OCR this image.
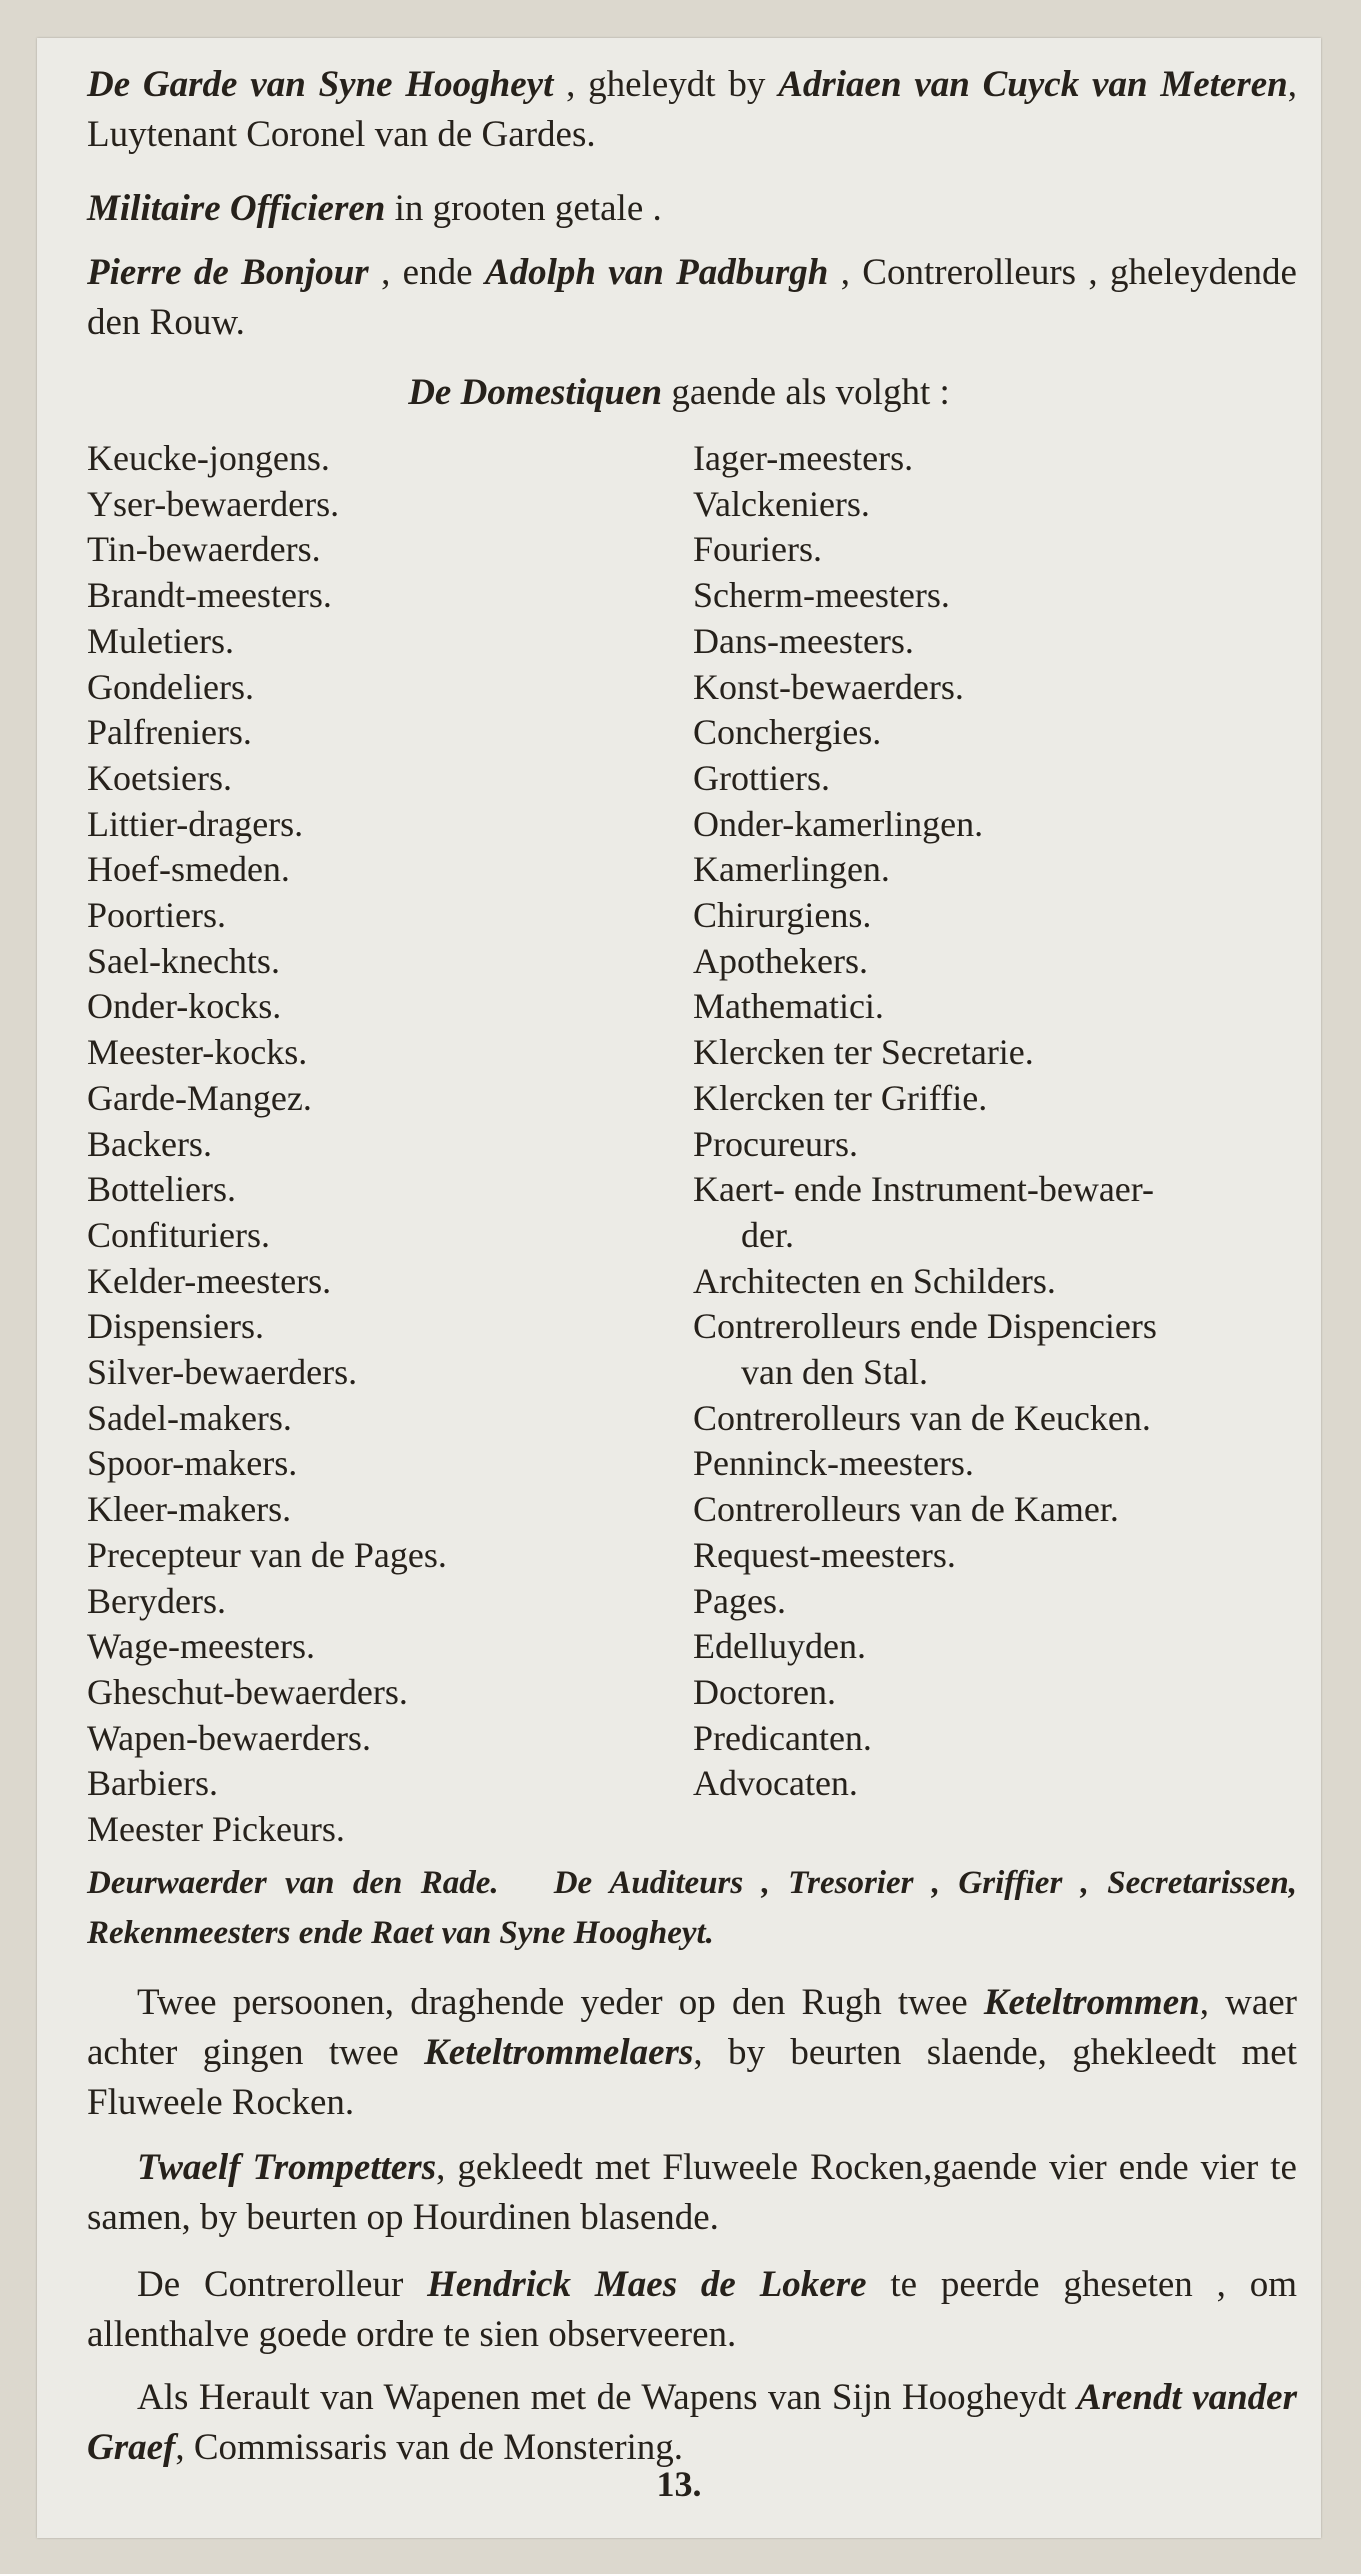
De Garde van Syne Hoogheyt , gheleydt by Adriaen van Cuyck van Meteren, Luytenant Coronel van de Gardes.

Militaire Officieren in grooten getale .

Pierre de Bonjour , ende Adolph van Padburgh , Contrerolleurs , gheleydende den Rouw.

De Domestiquen gaende als volght :

Keucke-jongens.
Yser-bewaerders.
Tin-bewaerders.
Brandt-meesters.
Muletiers.
Gondeliers.
Palfreniers.
Koetsiers.
Littier-dragers.
Hoef-smeden.
Poortiers.
Sael-knechts.
Onder-kocks.
Meester-kocks.
Garde-Mangez.
Backers.
Botteliers.
Confituriers.
Kelder-meesters.
Dispensiers.
Silver-bewaerders.
Sadel-makers.
Spoor-makers.
Kleer-makers.
Precepteur van de Pages.
Beryders.
Wage-meesters.
Gheschut-bewaerders.
Wapen-bewaerders.
Barbiers.
Meester Pickeurs.
Iager-meesters.
Valckeniers.
Fouriers.
Scherm-meesters.
Dans-meesters.
Konst-bewaerders.
Conchergies.
Grottiers.
Onder-kamerlingen.
Kamerlingen.
Chirurgiens.
Apothekers.
Mathematici.
Klercken ter Secretarie.
Klercken ter Griffie.
Procureurs.
Kaert- ende Instrument-bewaer-
der.
Architecten en Schilders.
Contrerolleurs ende Dispenciers
van den Stal.
Contrerolleurs van de Keucken.
Penninck-meesters.
Contrerolleurs van de Kamer.
Request-meesters.
Pages.
Edelluyden.
Doctoren.
Predicanten.
Advocaten.

Deurwaerder van den Rade. De Auditeurs , Tresorier , Griffier , Secretarissen, Rekenmeesters ende Raet van Syne Hoogheyt.

Twee persoonen, draghende yeder op den Rugh twee Keteltrommen, waer achter gingen twee Keteltrommelaers, by beurten slaende, ghekleedt met Fluweele Rocken.

Twaelf Trompetters, gekleedt met Fluweele Rocken,gaende vier ende vier te samen, by beurten op Hourdinen blasende.

De Contrerolleur Hendrick Maes de Lokere te peerde gheseten , om allenthalve goede ordre te sien observeeren.

Als Herault van Wapenen met de Wapens van Sijn Hoogheydt Arendt vander Graef, Commissaris van de Monstering.

13.
